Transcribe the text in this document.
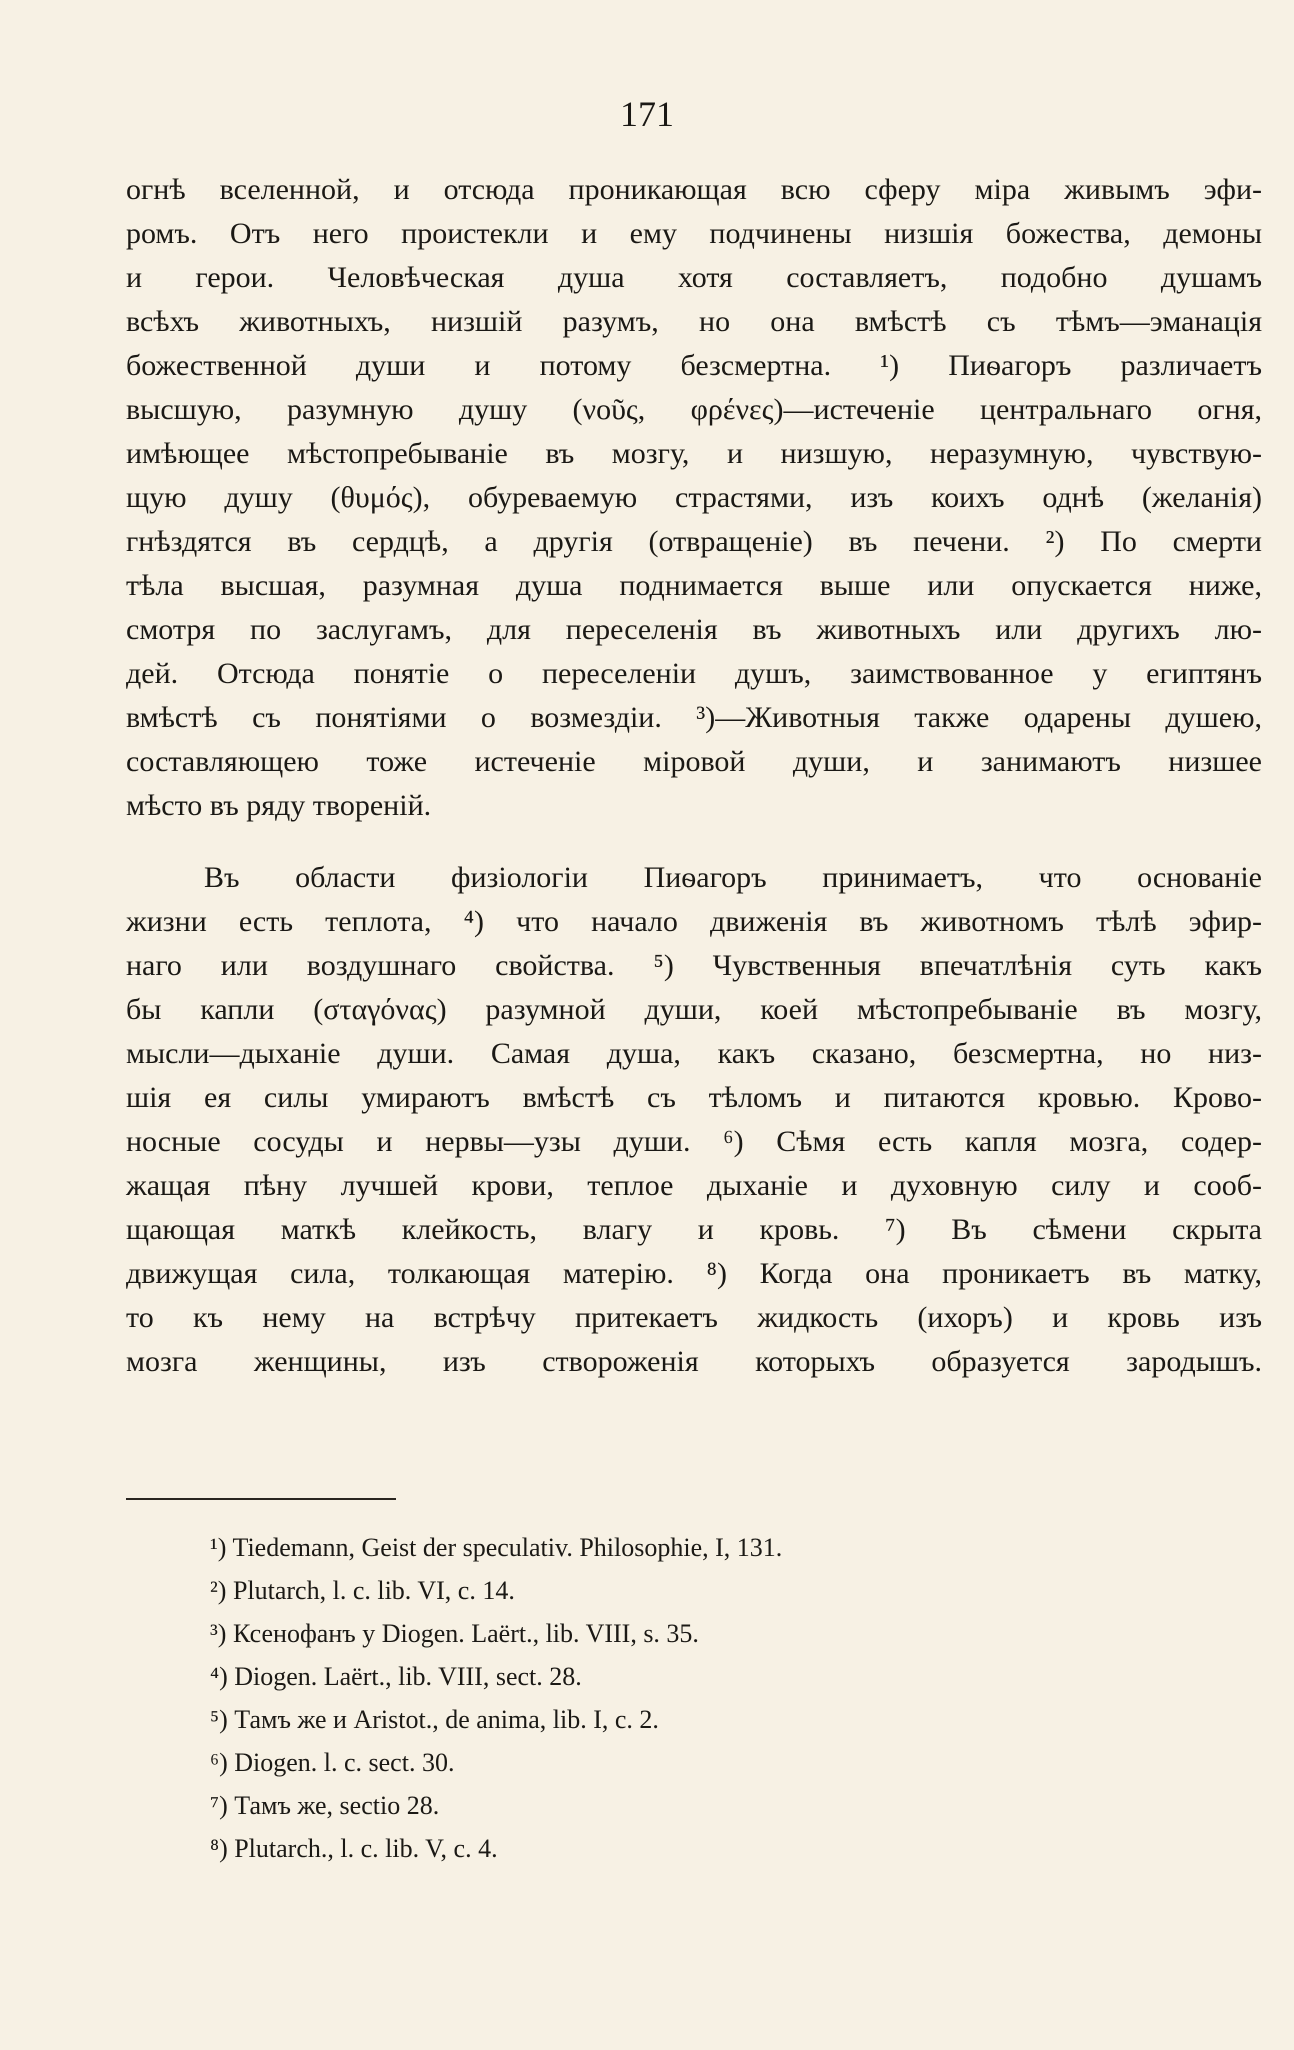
171
огнѣ вселенной, и отсюда проникающая всю сферу міра живымъ эфи-
ромъ. Отъ него проистекли и ему подчинены низшія божества, демоны
и герои. Человѣческая душа хотя составляетъ, подобно душамъ
всѣхъ животныхъ, низшій разумъ, но она вмѣстѣ съ тѣмъ—эманація
божественной души и потому безсмертна. ¹) Пиѳагоръ различаетъ
высшую, разумную душу (νοῦς, φρένες)—истеченіе центральнаго огня,
имѣющее мѣстопребываніе въ мозгу, и низшую, неразумную, чувствую-
щую душу (θυμός), обуреваемую страстями, изъ коихъ однѣ (желанія)
гнѣздятся въ сердцѣ, а другія (отвращеніе) въ печени. ²) По смерти
тѣла высшая, разумная душа поднимается выше или опускается ниже,
смотря по заслугамъ, для переселенія въ животныхъ или другихъ лю-
дей. Отсюда понятіе о переселеніи душъ, заимствованное у египтянъ
вмѣстѣ съ понятіями о возмездіи. ³)—Животныя также одарены душею,
составляющею тоже истеченіе міровой души, и занимаютъ низшее
мѣсто въ ряду твореній.
Въ области физіологіи Пиѳагоръ принимаетъ, что основаніе
жизни есть теплота, ⁴) что начало движенія въ животномъ тѣлѣ эфир-
наго или воздушнаго свойства. ⁵) Чувственныя впечатлѣнія суть какъ
бы капли (σταγόνας) разумной души, коей мѣстопребываніе въ мозгу,
мысли—дыханіе души. Самая душа, какъ сказано, безсмертна, но низ-
шія ея силы умираютъ вмѣстѣ съ тѣломъ и питаются кровью. Крово-
носные сосуды и нервы—узы души. ⁶) Сѣмя есть капля мозга, содер-
жащая пѣну лучшей крови, теплое дыханіе и духовную силу и сооб-
щающая маткѣ клейкость, влагу и кровь. ⁷) Въ сѣмени скрыта
движущая сила, толкающая матерію. ⁸) Когда она проникаетъ въ матку,
то къ нему на встрѣчу притекаетъ жидкость (ихоръ) и кровь изъ
мозга женщины, изъ створоженія которыхъ образуется зародышъ.
¹) Tiedemann, Geist der speculativ. Philosophie, I, 131.
²) Plutarch, l. c. lib. VI, c. 14.
³) Ксенофанъ у Diogen. Laërt., lib. VIII, s. 35.
⁴) Diogen. Laërt., lib. VIII, sect. 28.
⁵) Тамъ же и Aristot., de anima, lib. I, c. 2.
⁶) Diogen. l. c. sect. 30.
⁷) Тамъ же, sectio 28.
⁸) Plutarch., l. c. lib. V, c. 4.
